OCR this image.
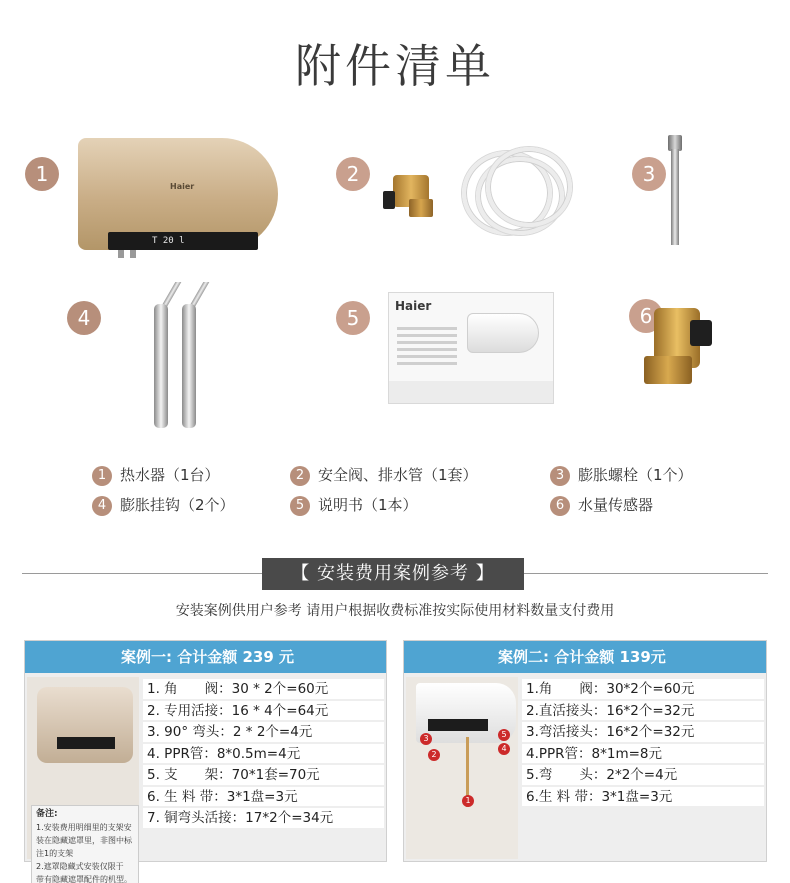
附件清单
1
Haier
T 20 l
2	3
4	5	Haier	6
1 热水器（1台）	2 安全阀、排水管（1套）	3 膨胀螺栓（1个）
4 膨胀挂钩（2个）	5 说明书（1本）	6 水量传感器
【 安装费用案例参考 】
安装案例供用户参考 请用户根据收费标准按实际使用材料数量支付费用
案例一: 合计金额 239 元
备注:
1.安装费用明细里的支架安
装在隐藏遮罩里，非图中标
注1的支架
2.遮罩隐藏式安装仅限于
带有隐藏遮罩配件的机型。
1. 角　　阀：30 * 2个=60元
2. 专用活接：16 * 4个=64元
3. 90° 弯头：2 * 2个=4元
4. PPR管：8*0.5m=4元
5. 支　　架：70*1套=70元
6. 生 料 带：3*1盘=3元
7. 铜弯头活接：17*2个=34元
案例二: 合计金额 139元
3
2
5
4
1
1.角　　阀：30*2个=60元
2.直活接头：16*2个=32元
3.弯活接头：16*2个=32元
4.PPR管：8*1m=8元
5.弯　　头：2*2个=4元
6.生 料 带：3*1盘=3元
